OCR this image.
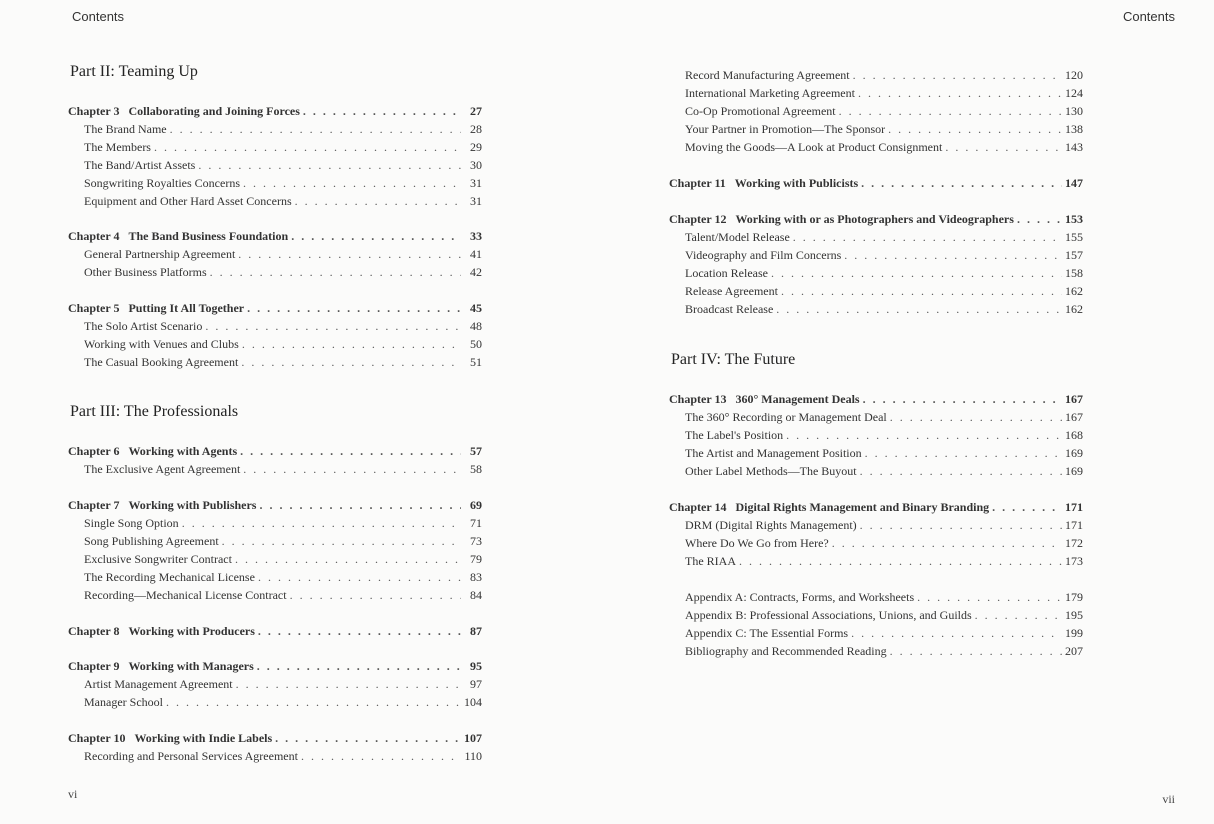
Contents
Part II: Teaming Up
Chapter 3 Collaborating and Joining Forces . . .	27
The Brand Name . . .	28
The Members . . .	29
The Band/Artist Assets . . .	30
Songwriting Royalties Concerns . . .	31
Equipment and Other Hard Asset Concerns . . .	31
Chapter 4 The Band Business Foundation . . .	33
General Partnership Agreement . . .	41
Other Business Platforms . . .	42
Chapter 5 Putting It All Together . . .	45
The Solo Artist Scenario . . .	48
Working with Venues and Clubs . . .	50
The Casual Booking Agreement . . .	51
Part III: The Professionals
Chapter 6 Working with Agents . . .	57
The Exclusive Agent Agreement . . .	58
Chapter 7 Working with Publishers . . .	69
Single Song Option . . .	71
Song Publishing Agreement . . .	73
Exclusive Songwriter Contract . . .	79
The Recording Mechanical License . . .	83
Recording—Mechanical License Contract . . .	84
Chapter 8 Working with Producers . . .	87
Chapter 9 Working with Managers . . .	95
Artist Management Agreement . . .	97
Manager School . . .	104
Chapter 10 Working with Indie Labels . . .	107
Recording and Personal Services Agreement . . .	110
vi
Contents
Record Manufacturing Agreement . . .	120
International Marketing Agreement . . .	124
Co-Op Promotional Agreement . . .	130
Your Partner in Promotion—The Sponsor . . .	138
Moving the Goods—A Look at Product Consignment . . .	143
Chapter 11 Working with Publicists . . .	147
Chapter 12 Working with or as Photographers and Videographers . . .	153
Talent/Model Release . . .	155
Videography and Film Concerns . . .	157
Location Release . . .	158
Release Agreement . . .	162
Broadcast Release . . .	162
Part IV: The Future
Chapter 13 360° Management Deals . . .	167
The 360° Recording or Management Deal . . .	167
The Label's Position . . .	168
The Artist and Management Position . . .	169
Other Label Methods—The Buyout . . .	169
Chapter 14 Digital Rights Management and Binary Branding . . .	171
DRM (Digital Rights Management) . . .	171
Where Do We Go from Here? . . .	172
The RIAA . . .	173
Appendix A: Contracts, Forms, and Worksheets . . .	179
Appendix B: Professional Associations, Unions, and Guilds . . .	195
Appendix C: The Essential Forms . . .	199
Bibliography and Recommended Reading . . .	207
vii
